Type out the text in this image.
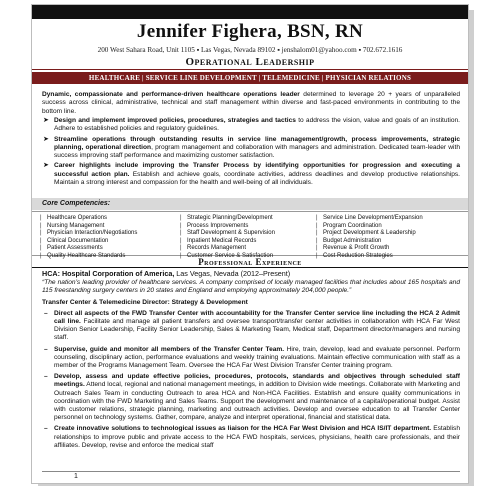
Jennifer Fighera, BSN, RN
200 West Sahara Road, Unit 1105 ▪ Las Vegas, Nevada 89102 ▪ jenshalom01@yahoo.com ▪ 702.672.1616
Operational Leadership
HEALTHCARE | SERVICE LINE DEVELOPMENT | TELEMEDICINE | PHYSICIAN RELATIONS
Dynamic, compassionate and performance-driven healthcare operations leader determined to leverage 20 + years of unparalleled success across clinical, administrative, technical and staff management within diverse and fast-paced environments in contributing to the bottom line.
➤ Design and implement improved policies, procedures, strategies and tactics to address the vision, value and goals of an institution. Adhere to established policies and regulatory guidelines.
➤ Streamline operations through outstanding results in service line management/growth, process improvements, strategic planning, operational direction, program management and collaboration with managers and administration. Dedicated team-leader with success improving staff performance and maximizing customer satisfaction.
➤ Career highlights include improving the Transfer Process by identifying opportunities for progression and executing a successful action plan. Establish and achieve goals, coordinate activities, address deadlines and develop productive relationships. Maintain a strong interest and compassion for the health and well-being of all individuals.
Core Competencies:
| Healthcare Operations
| Nursing Management
| Physician Interaction/Negotiations
| Clinical Documentation
| Patient Assessments
| Quality Healthcare Standards
| Strategic Planning/Development
| Process Improvements
| Staff Development & Supervision
| Inpatient Medical Records
| Records Management
| Customer Service & Satisfaction
| Service Line Development/Expansion
| Program Coordination
| Project Development & Leadership
| Budget Administration
| Revenue & Profit Growth
| Cost Reduction Strategies
Professional Experience
HCA: Hospital Corporation of America, Las Vegas, Nevada (2012–Present)
“The nation’s leading provider of healthcare services. A company comprised of locally managed facilities that includes about 165 hospitals and 115 freestanding surgery centers in 20 states and England and employing approximately 204,000 people.”
Transfer Center & Telemedicine Director: Strategy & Development
– Direct all aspects of the FWD Transfer Center with accountability for the Transfer Center service line including the HCA 2 Admit call line. Facilitate and manage all patient transfers and oversee transport/transfer center activities in collaboration with HCA Far West Division Senior Leadership, Facility Senior Leadership, Sales & Marketing Team, Medical staff, Department director/managers and nursing staff.
– Supervise, guide and monitor all members of the Transfer Center Team. Hire, train, develop, lead and evaluate personnel. Perform counseling, disciplinary action, performance evaluations and weekly training evaluations. Maintain effective communication with staff as a member of the Programs Management Team. Oversee the HCA Far West Division Transfer Center training program.
– Develop, assess and update effective policies, procedures, protocols, standards and objectives through scheduled staff meetings. Attend local, regional and national management meetings, in addition to Division wide meetings. Collaborate with Marketing and Outreach Sales Team in conducting Outreach to area HCA and Non-HCA Facilities. Establish and ensure quality communications in coordination with the FWD Marketing and Sales Teams. Support the development and maintenance of a capital/operational budget. Assist with customer relations, strategic planning, marketing and outreach activities. Develop and oversee education to all Transfer Center personnel on technology systems. Gather, compare, analyze and interpret operational, financial and statistical data.
– Create innovative solutions to technological issues as liaison for the HCA Far West Division and HCA IS/IT department. Establish relationships to improve public and private access to the HCA FWD hospitals, services, physicians, health care professionals, and their affiliates. Develop, revise and enforce the medical staff
1
